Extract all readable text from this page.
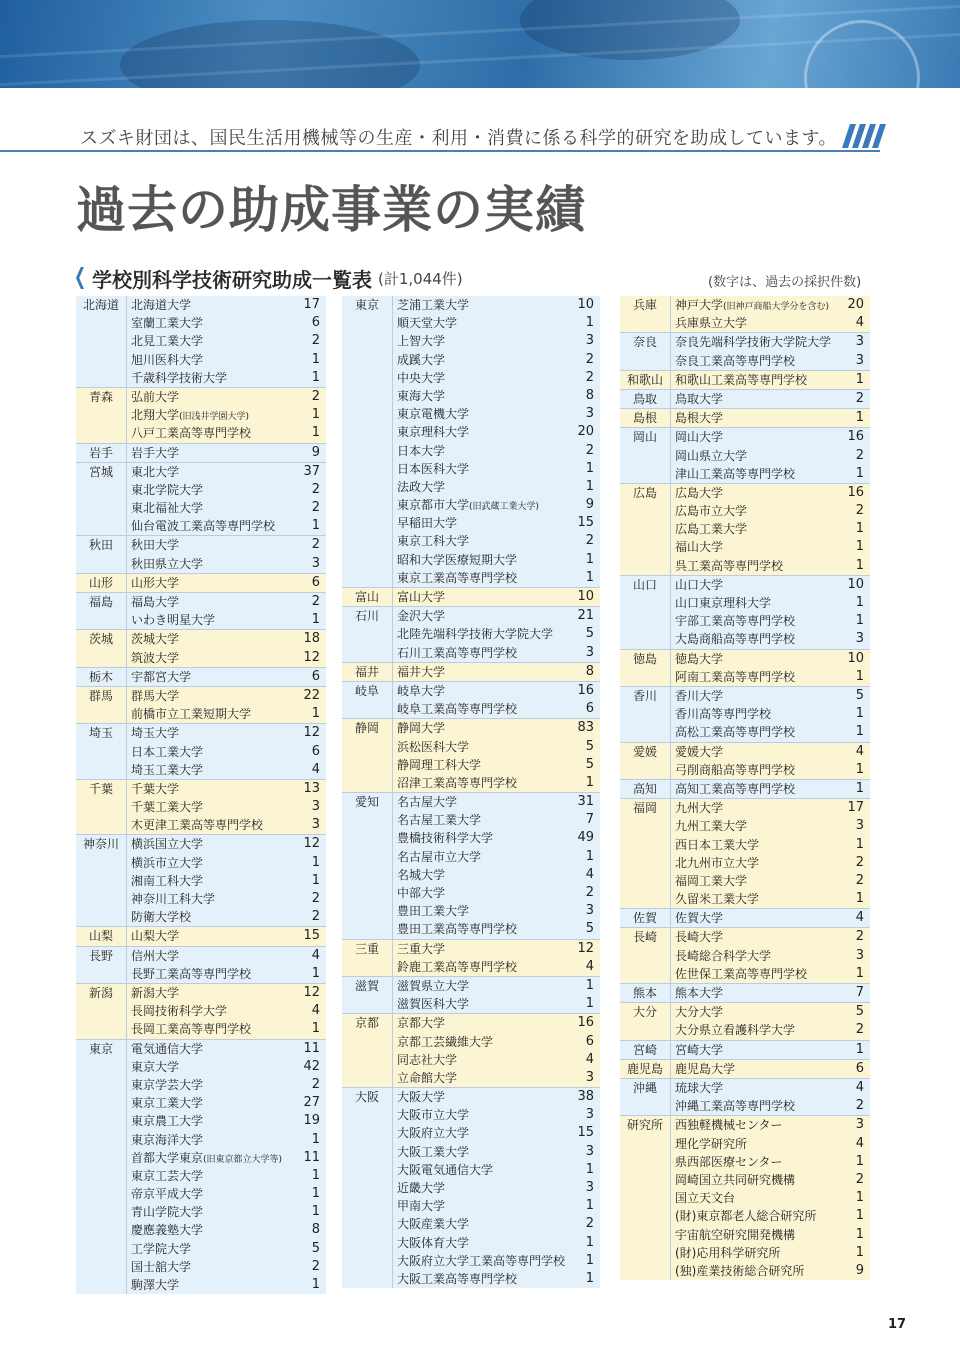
スズキ財団は、国民生活用機械等の生産・利用・消費に係る科学的研究を助成しています。
過去の助成事業の実績
学校別科学技術研究助成一覧表 (計1,044件)	(数字は、過去の採択件数)
北海道	北海道大学	17
室蘭工業大学	6
北見工業大学	2
旭川医科大学	1
千歳科学技術大学	1
青森	弘前大学	2
北翔大学(旧浅井学園大学)	1
八戸工業高等専門学校	1
岩手	岩手大学	9
宮城	東北大学	37
東北学院大学	2
東北福祉大学	2
仙台電波工業高等専門学校	1
秋田	秋田大学	2
秋田県立大学	3
山形	山形大学	6
福島	福島大学	2
いわき明星大学	1
茨城	茨城大学	18
筑波大学	12
栃木	宇都宮大学	6
群馬	群馬大学	22
前橋市立工業短期大学	1
埼玉	埼玉大学	12
日本工業大学	6
埼玉工業大学	4
千葉	千葉大学	13
千葉工業大学	3
木更津工業高等専門学校	3
神奈川	横浜国立大学	12
横浜市立大学	1
湘南工科大学	1
神奈川工科大学	2
防衛大学校	2
山梨	山梨大学	15
長野	信州大学	4
長野工業高等専門学校	1
新潟	新潟大学	12
長岡技術科学大学	4
長岡工業高等専門学校	1
東京	電気通信大学	11
東京大学	42
東京学芸大学	2
東京工業大学	27
東京農工大学	19
東京海洋大学	1
首都大学東京(旧東京都立大学等)	11
東京工芸大学	1
帝京平成大学	1
青山学院大学	1
慶應義塾大学	8
工学院大学	5
国士舘大学	2
駒澤大学	1
東京	芝浦工業大学	10
順天堂大学	1
上智大学	3
成蹊大学	2
中央大学	2
東海大学	8
東京電機大学	3
東京理科大学	20
日本大学	2
日本医科大学	1
法政大学	1
東京都市大学(旧武蔵工業大学)	9
早稲田大学	15
東京工科大学	2
昭和大学医療短期大学	1
東京工業高等専門学校	1
富山	富山大学	10
石川	金沢大学	21
北陸先端科学技術大学院大学	5
石川工業高等専門学校	3
福井	福井大学	8
岐阜	岐阜大学	16
岐阜工業高等専門学校	6
静岡	静岡大学	83
浜松医科大学	5
静岡理工科大学	5
沼津工業高等専門学校	1
愛知	名古屋大学	31
名古屋工業大学	7
豊橋技術科学大学	49
名古屋市立大学	1
名城大学	4
中部大学	2
豊田工業大学	3
豊田工業高等専門学校	5
三重	三重大学	12
鈴鹿工業高等専門学校	4
滋賀	滋賀県立大学	1
滋賀医科大学	1
京都	京都大学	16
京都工芸繊維大学	6
同志社大学	4
立命館大学	3
大阪	大阪大学	38
大阪市立大学	3
大阪府立大学	15
大阪工業大学	3
大阪電気通信大学	1
近畿大学	3
甲南大学	1
大阪産業大学	2
大阪体育大学	1
大阪府立大学工業高等専門学校	1
大阪工業高等専門学校	1
兵庫	神戸大学(旧神戸商船大学分を含む)	20
兵庫県立大学	4
奈良	奈良先端科学技術大学院大学	3
奈良工業高等専門学校	3
和歌山	和歌山工業高等専門学校	1
鳥取	鳥取大学	2
島根	島根大学	1
岡山	岡山大学	16
岡山県立大学	2
津山工業高等専門学校	1
広島	広島大学	16
広島市立大学	2
広島工業大学	1
福山大学	1
呉工業高等専門学校	1
山口	山口大学	10
山口東京理科大学	1
宇部工業高等専門学校	1
大島商船高等専門学校	3
徳島	徳島大学	10
阿南工業高等専門学校	1
香川	香川大学	5
香川高等専門学校	1
高松工業高等専門学校	1
愛媛	愛媛大学	4
弓削商船高等専門学校	1
高知	高知工業高等専門学校	1
福岡	九州大学	17
九州工業大学	3
西日本工業大学	1
北九州市立大学	2
福岡工業大学	2
久留米工業大学	1
佐賀	佐賀大学	4
長崎	長崎大学	2
長崎総合科学大学	3
佐世保工業高等専門学校	1
熊本	熊本大学	7
大分	大分大学	5
大分県立看護科学大学	2
宮崎	宮崎大学	1
鹿児島	鹿児島大学	6
沖縄	琉球大学	4
沖縄工業高等専門学校	2
研究所	西独軽機械センター	3
理化学研究所	4
県西部医療センター	1
岡崎国立共同研究機構	2
国立天文台	1
(財)東京都老人総合研究所	1
宇宙航空研究開発機構	1
(財)応用科学研究所	1
(独)産業技術総合研究所	9
17
